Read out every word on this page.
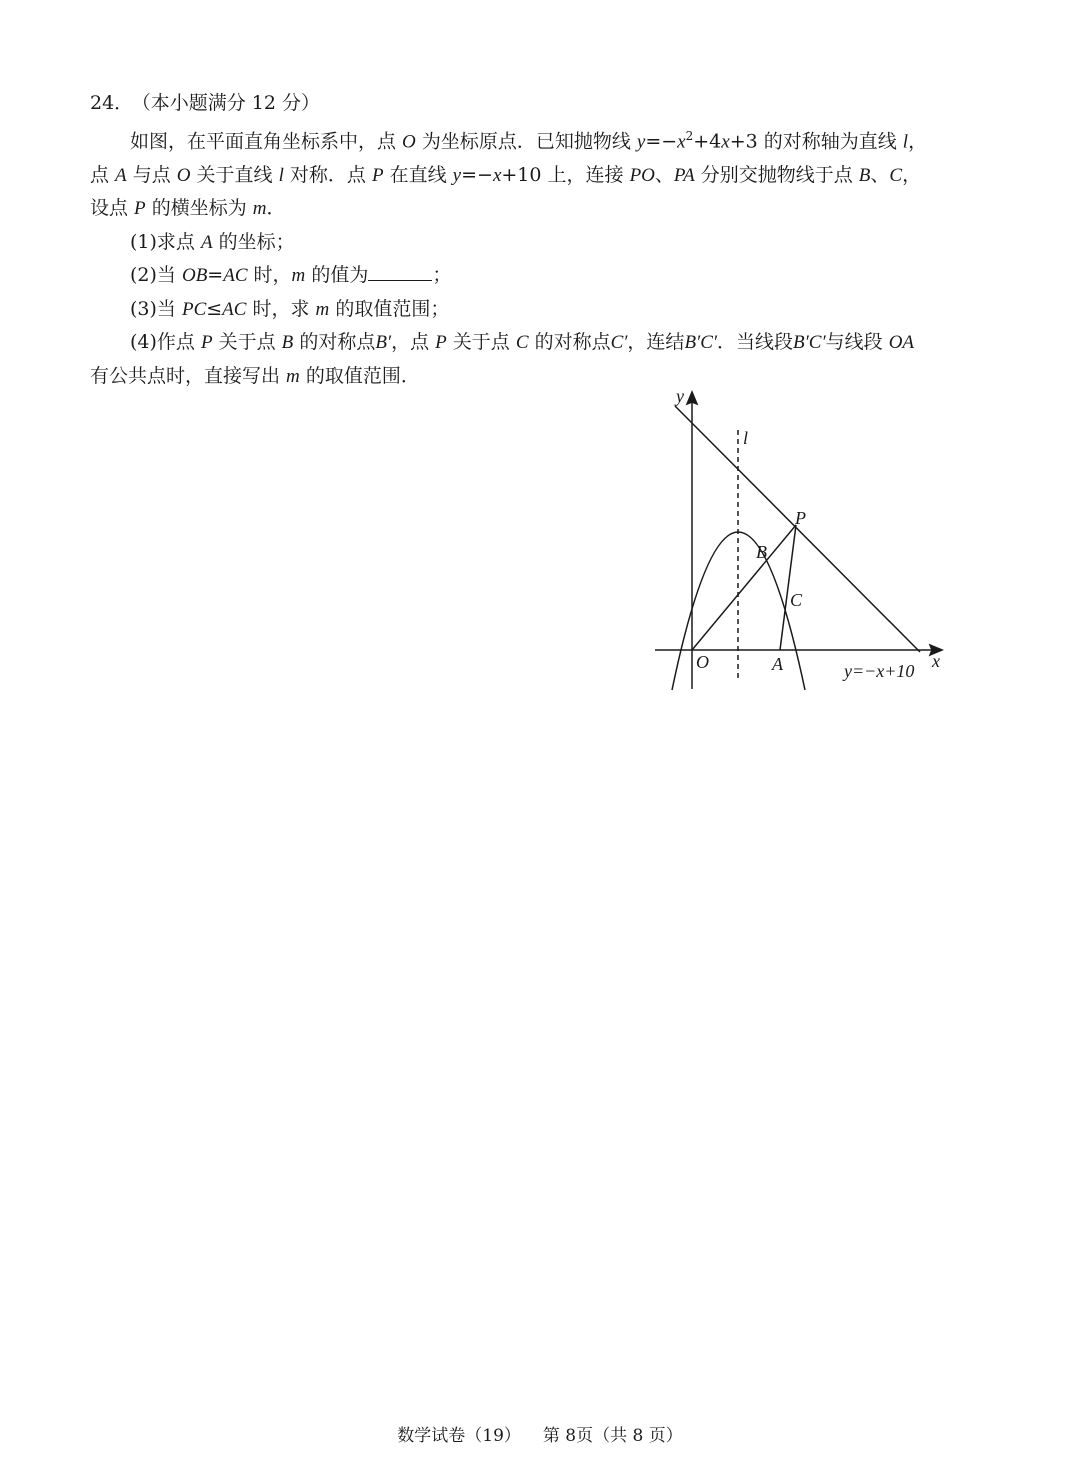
24． （本小题满分 12 分）
如图，在平面直角坐标系中，点 O 为坐标原点．已知抛物线 $y=-x^2+4x+3$ 的对称轴为直线 l，
点 A 与点 O 关于直线 l 对称．点 P 在直线 y=−x+10 上，连接 PO、PA 分别交抛物线于点 B、C，
设点 P 的横坐标为 m．
(1)求点 A 的坐标；
(2)当 OB=AC 时，m 的值为	；
(3)当 PC≤AC 时，求 m 的取值范围；
(4)作点 P 关于点 B 的对称点B′，点 P 关于点 C 的对称点C′，连结B′C′．当线段B′C′与线段 OA
有公共点时，直接写出 m 的取值范围．
y
x
l
O	A
B
C
P
y=−x+10
数学试卷（19） 第 8页（共 8 页）
